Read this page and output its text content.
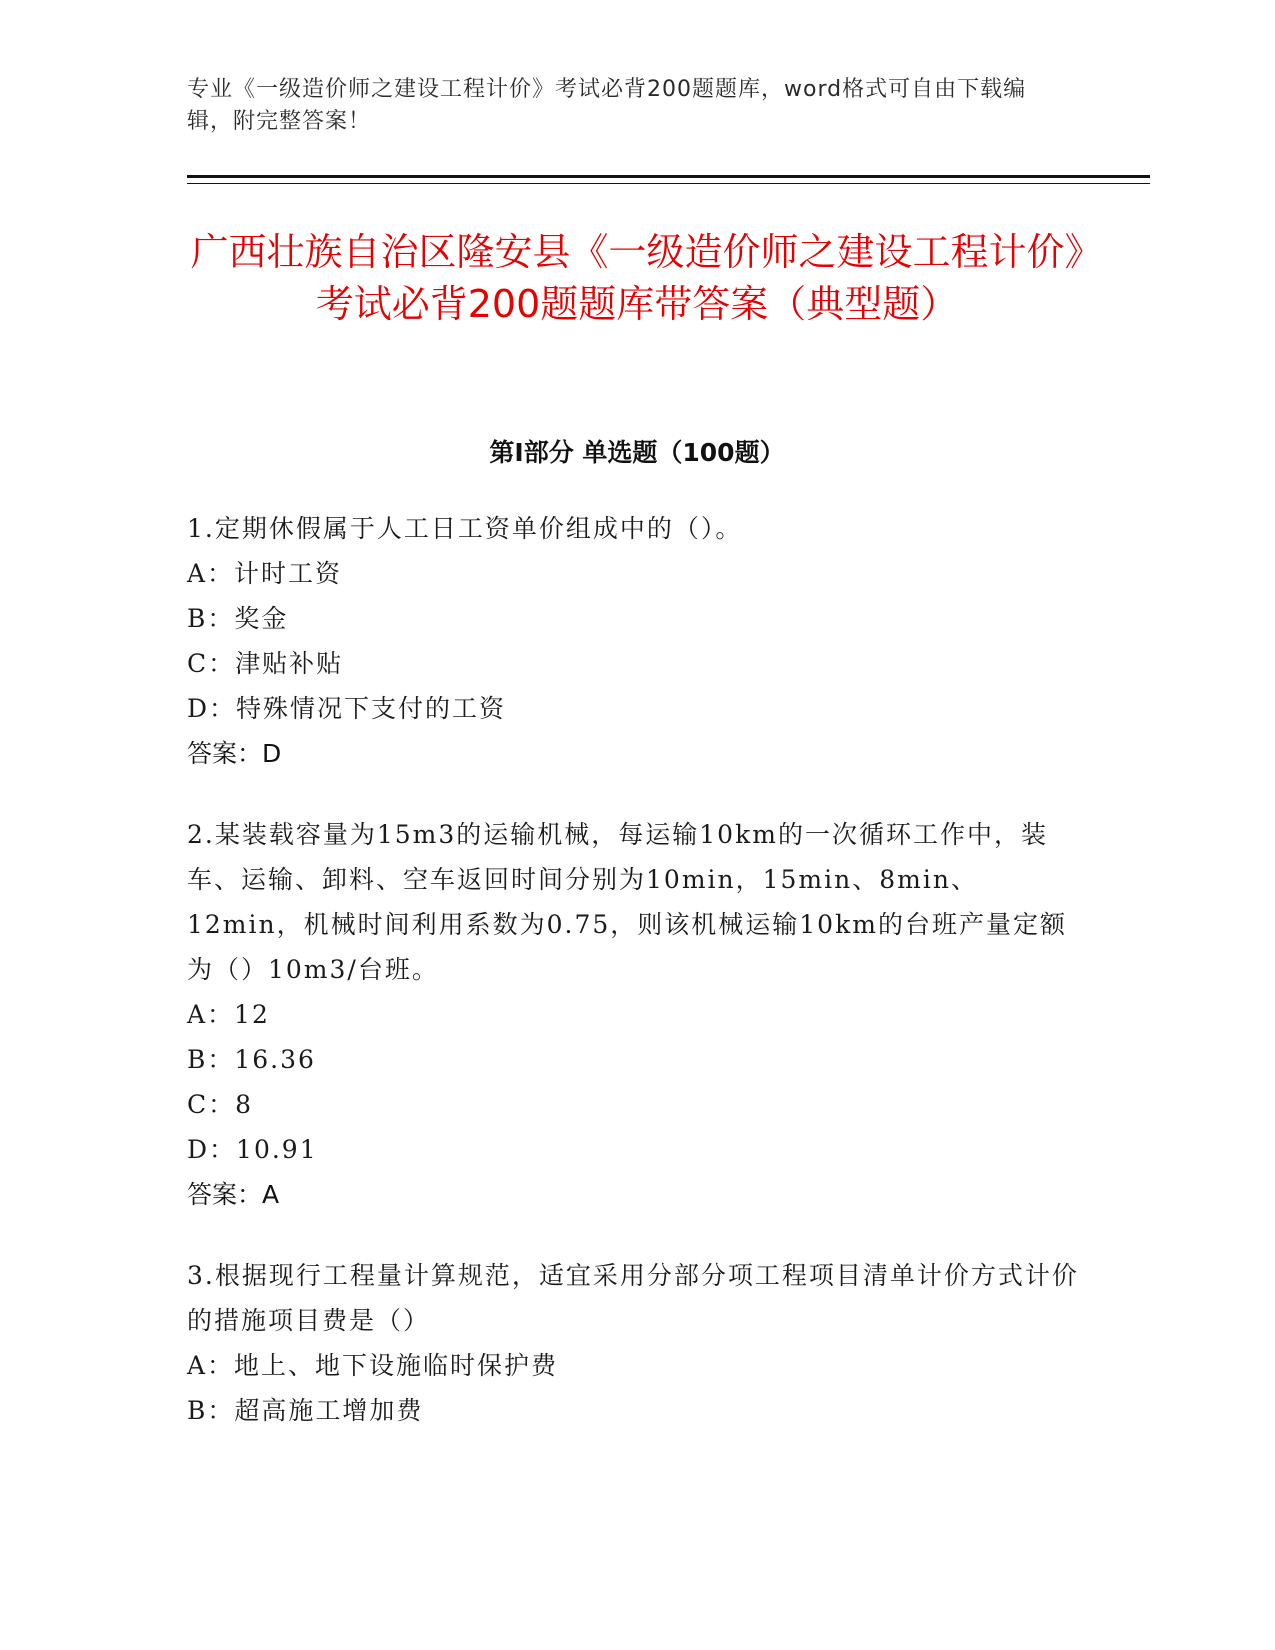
专业《一级造价师之建设工程计价》考试必背200题题库，word格式可自由下载编辑，附完整答案！
广西壮族自治区隆安县《一级造价师之建设工程计价》考试必背200题题库带答案（典型题）
第I部分 单选题（100题）

1.定期休假属于人工日工资单价组成中的（）。

A：计时工资

B：奖金

C：津贴补贴

D：特殊情况下支付的工资

答案：D

2.某装载容量为15m3的运输机械，每运输10km的一次循环工作中，装车、运输、卸料、空车返回时间分别为10min，15min、8min、12min，机械时间利用系数为0.75，则该机械运输10km的台班产量定额为（）10m3/台班。

A：12

B：16.36

C：8

D：10.91

答案：A

3.根据现行工程量计算规范，适宜采用分部分项工程项目清单计价方式计价的措施项目费是（）

A：地上、地下设施临时保护费

B：超高施工增加费
